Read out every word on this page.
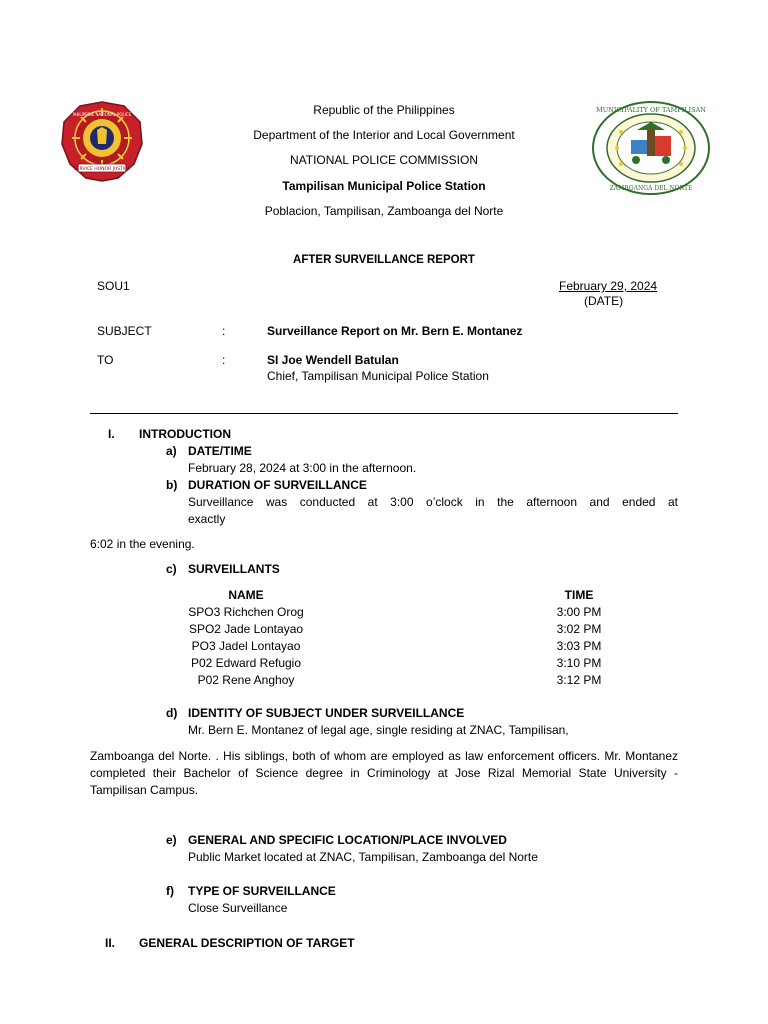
SERVICE HONOR JUSTICE
PHILIPPINE NATIONAL POLICE
MUNICIPALITY OF TAMPILISAN
ZAMBOANGA DEL NORTE
Republic of the Philippines
Department of the Interior and Local Government
NATIONAL POLICE COMMISSION
Tampilisan Municipal Police Station
Poblacion, Tampilisan, Zamboanga del Norte
AFTER SURVEILLANCE REPORT
SOU1	February 29, 2024
(DATE)
SUBJECT	:	Surveillance Report on Mr. Bern E. Montanez
TO	:	SI Joe Wendell Batulan
Chief, Tampilisan Municipal Police Station
I. INTRODUCTION
a) DATE/TIME
February 28, 2024 at 3:00 in the afternoon.
b) DURATION OF SURVEILLANCE
Surveillance was conducted at 3:00 o’clock in the afternoon and ended at
exactly
6:02 in the evening.
c) SURVEILLANTS
NAME		TIME
SPO3 Richchen Orog		3:00 PM
SPO2 Jade Lontayao		3:02 PM
PO3 Jadel Lontayao		3:03 PM
P02 Edward Refugio		3:10 PM
P02 Rene Anghoy		3:12 PM
d) IDENTITY OF SUBJECT UNDER SURVEILLANCE
Mr. Bern E. Montanez of legal age, single residing at ZNAC, Tampilisan,
Zamboanga del Norte. . His siblings, both of whom are employed as law enforcement officers. Mr. Montanez completed their Bachelor of Science degree in Criminology at Jose Rizal Memorial State University - Tampilisan Campus.
e) GENERAL AND SPECIFIC LOCATION/PLACE INVOLVED
Public Market located at ZNAC, Tampilisan, Zamboanga del Norte
f) TYPE OF SURVEILLANCE
Close Surveillance
II. GENERAL DESCRIPTION OF TARGET
